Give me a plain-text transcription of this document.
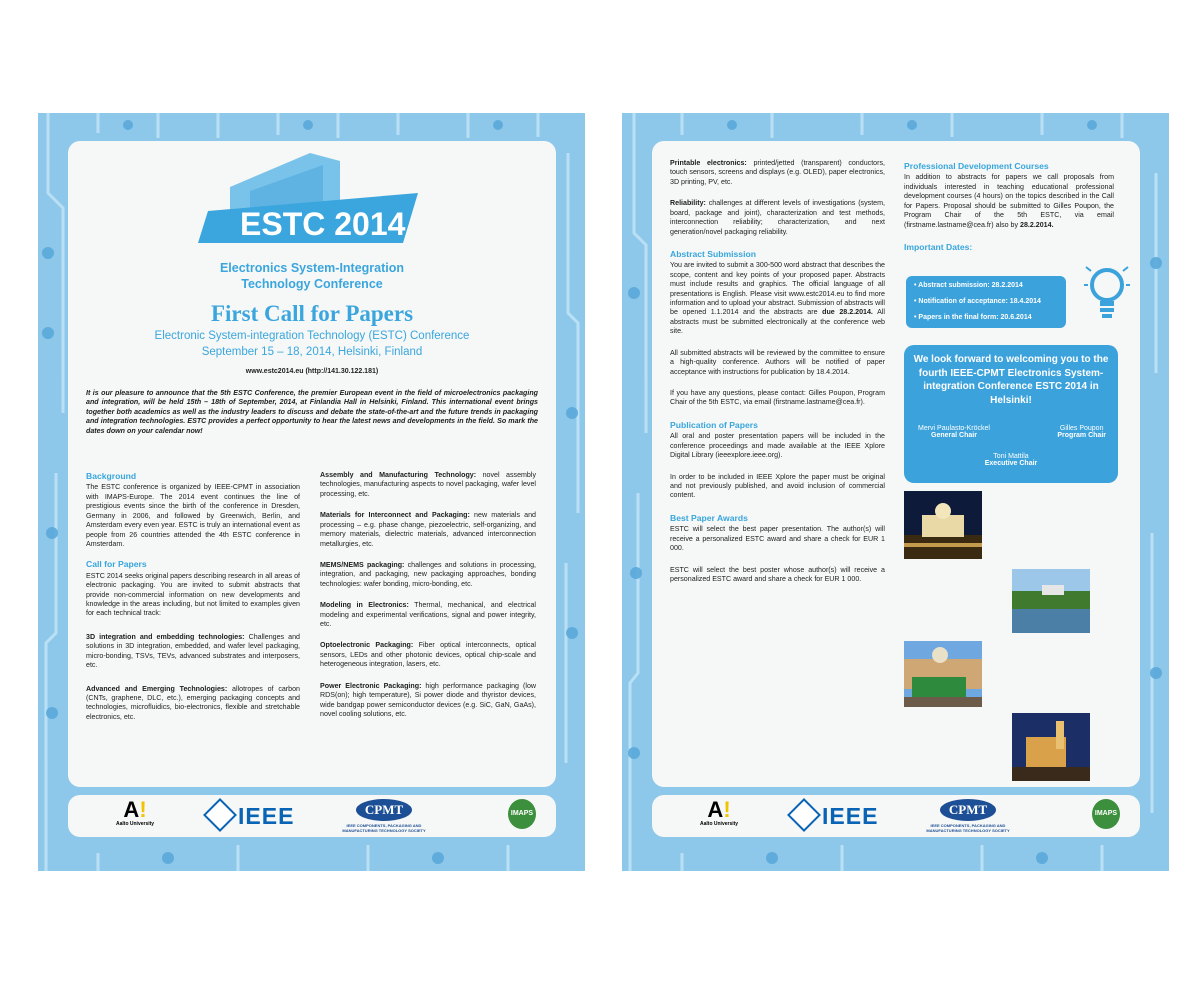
ESTC 2014
Electronics System-Integration
Technology Conference
First Call for Papers
Electronic System-integration Technology (ESTC) Conference
September 15 – 18, 2014, Helsinki, Finland
www.estc2014.eu (http://141.30.122.181)
It is our pleasure to announce that the 5th ESTC Conference, the premier European event in the field of microelectronics packaging and integration, will be held 15th – 18th of September, 2014, at Finlandia Hall in Helsinki, Finland. This international event brings together both academics as well as the industry leaders to discuss and debate the state-of-the-art and the future trends in packaging and integration technologies. ESTC provides a perfect opportunity to hear the latest news and developments in the field. So mark the dates down on your calendar now!
Background

The ESTC conference is organized by IEEE-CPMT in association with IMAPS-Europe. The 2014 event continues the line of prestigious events since the birth of the conference in Dresden, Germany in 2006, and followed by Greenwich, Berlin, and Amsterdam every even year. ESTC is truly an international event as people from 26 countries attended the 4th ESTC conference in Amsterdam.

Call for Papers

ESTC 2014 seeks original papers describing research in all areas of electronic packaging. You are invited to submit abstracts that provide non-commercial information on new developments and knowledge in the areas including, but not limited to examples given for each technical track:

3D integration and embedding technologies: Challenges and solutions in 3D integration, embedded, and wafer level packaging, micro-bonding, TSVs, TEVs, advanced substrates and interposers, etc.

Advanced and Emerging Technologies: allotropes of carbon (CNTs, graphene, DLC, etc.), emerging packaging concepts and technologies, microfluidics, bio-electronics, flexible and stretchable electronics, etc.

Assembly and Manufacturing Technology: novel assembly technologies, manufacturing aspects to novel packaging, wafer level processing, etc.

Materials for Interconnect and Packaging: new materials and processing – e.g. phase change, piezoelectric, self-organizing, and memory materials, dielectric materials, advanced interconnection metallurgies, etc.

MEMS/NEMS packaging: challenges and solutions in processing, integration, and packaging, new packaging approaches, bonding technologies: wafer bonding, micro-bonding, etc.

Modeling in Electronics: Thermal, mechanical, and electrical modeling and experimental verifications, signal and power integrity, etc.

Optoelectronic Packaging: Fiber optical interconnects, optical sensors, LEDs and other photonic devices, optical chip-scale and heterogeneous integration, lasers, etc.

Power Electronic Packaging: high performance packaging (low RDS(on); high temperature), Si power diode and thyristor devices, wide bandgap power semiconductor devices (e.g. SiC, GaN, GaAs), novel cooling solutions, etc.

A!
Aalto University	IEEE	CPMT
IEEE COMPONENTS, PACKAGING AND MANUFACTURING TECHNOLOGY SOCIETY
IMAPS

Printable electronics: printed/jetted (transparent) conductors, touch sensors, screens and displays (e.g. OLED), paper electronics, 3D printing, PV, etc.

Reliability: challenges at different levels of investigations (system, board, package and joint), characterization and test methods, interconnection reliability; characterization, and next generation/novel packaging reliability.

Abstract Submission

You are invited to submit a 300-500 word abstract that describes the scope, content and key points of your proposed paper. Abstracts must include results and graphics. The official language of all presentations is English. Please visit www.estc2014.eu to find more information and to upload your abstract. Submission of abstracts will be opened 1.1.2014 and the abstracts are due 28.2.2014. All abstracts must be submitted electronically at the conference web site.

All submitted abstracts will be reviewed by the committee to ensure a high-quality conference. Authors will be notified of paper acceptance with instructions for publication by 18.4.2014.

If you have any questions, please contact: Gilles Poupon, Program Chair of the 5th ESTC, via email (firstname.lastname@cea.fr).

Publication of Papers

All oral and poster presentation papers will be included in the conference proceedings and made available at the IEEE Xplore Digital Library (ieeexplore.ieee.org).

In order to be included in IEEE Xplore the paper must be original and not previously published, and avoid inclusion of commercial content.

Best Paper Awards

ESTC will select the best paper presentation. The author(s) will receive a personalized ESTC award and share a check for EUR 1 000.

ESTC will select the best poster whose author(s) will receive a personalized ESTC award and share a check for EUR 1 000.

Professional Development Courses

In addition to abstracts for papers we call proposals from individuals interested in teaching educational professional development courses (4 hours) on the topics described in the Call for Papers. Proposal should be submitted to Gilles Poupon, the Program Chair of the 5th ESTC, via email (firstname.lastname@cea.fr) also by 28.2.2014.

Important Dates:
• Abstract submission: 28.2.2014
• Notification of acceptance: 18.4.2014
• Papers in the final form: 20.6.2014
We look forward to welcoming you to the fourth IEEE-CPMT Electronics System-integration Conference ESTC 2014 in Helsinki!
Mervi Paulasto-Kröckel
General Chair
Gilles Poupon
Program Chair
Toni Mattila
Executive Chair
A!
Aalto University	IEEE	CPMT
IEEE COMPONENTS, PACKAGING AND MANUFACTURING TECHNOLOGY SOCIETY
IMAPS
